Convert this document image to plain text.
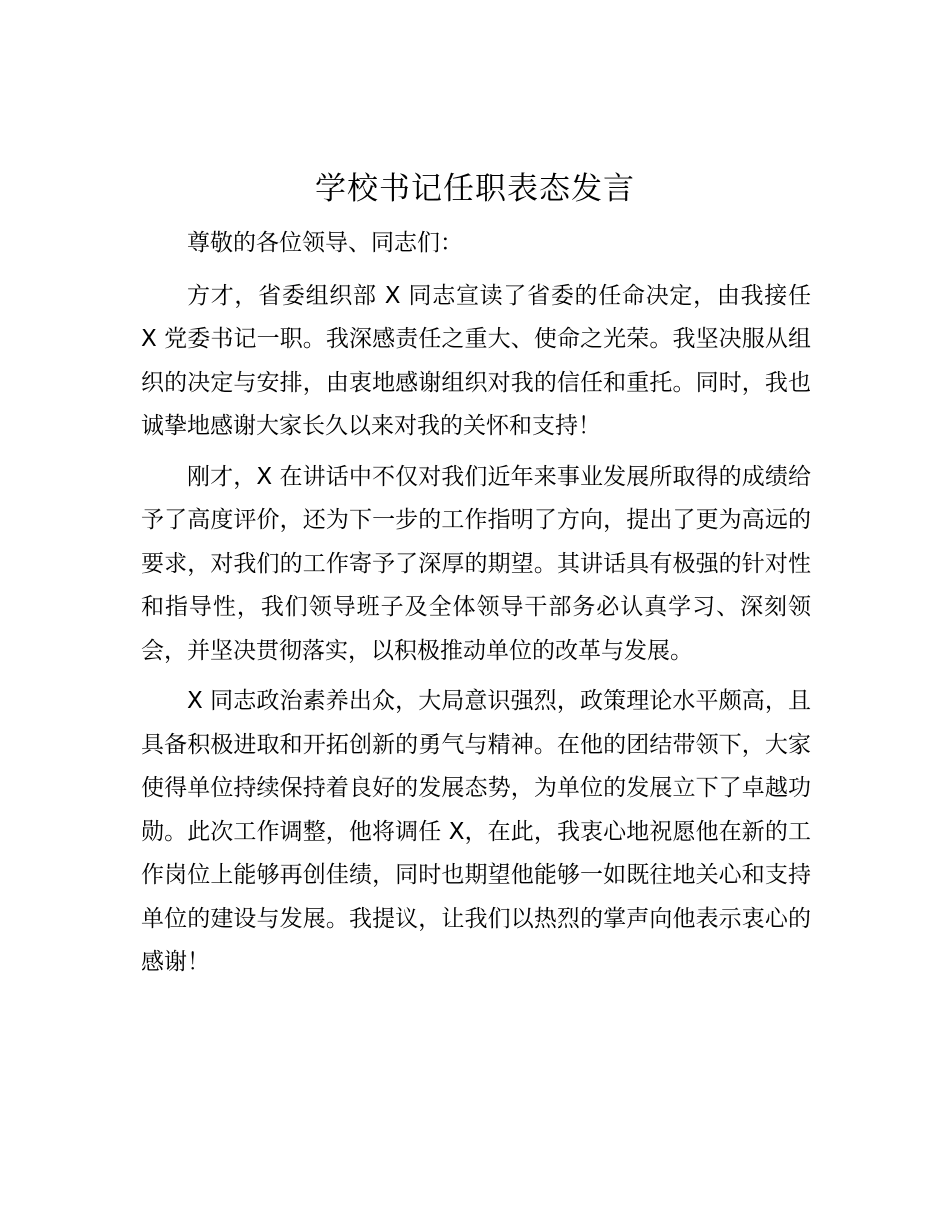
学校书记任职表态发言

尊敬的各位领导、同志们：

方才，省委组织部 X 同志宣读了省委的任命决定，由我接任 X 党委书记一职。我深感责任之重大、使命之光荣。我坚决服从组织的决定与安排，由衷地感谢组织对我的信任和重托。同时，我也诚挚地感谢大家长久以来对我的关怀和支持！

刚才，X 在讲话中不仅对我们近年来事业发展所取得的成绩给予了高度评价，还为下一步的工作指明了方向，提出了更为高远的要求，对我们的工作寄予了深厚的期望。其讲话具有极强的针对性和指导性，我们领导班子及全体领导干部务必认真学习、深刻领会，并坚决贯彻落实，以积极推动单位的改革与发展。

X 同志政治素养出众，大局意识强烈，政策理论水平颇高，且具备积极进取和开拓创新的勇气与精神。在他的团结带领下，大家使得单位持续保持着良好的发展态势，为单位的发展立下了卓越功勋。此次工作调整，他将调任 X，在此，我衷心地祝愿他在新的工作岗位上能够再创佳绩，同时也期望他能够一如既往地关心和支持单位的建设与发展。我提议，让我们以热烈的掌声向他表示衷心的感谢！
